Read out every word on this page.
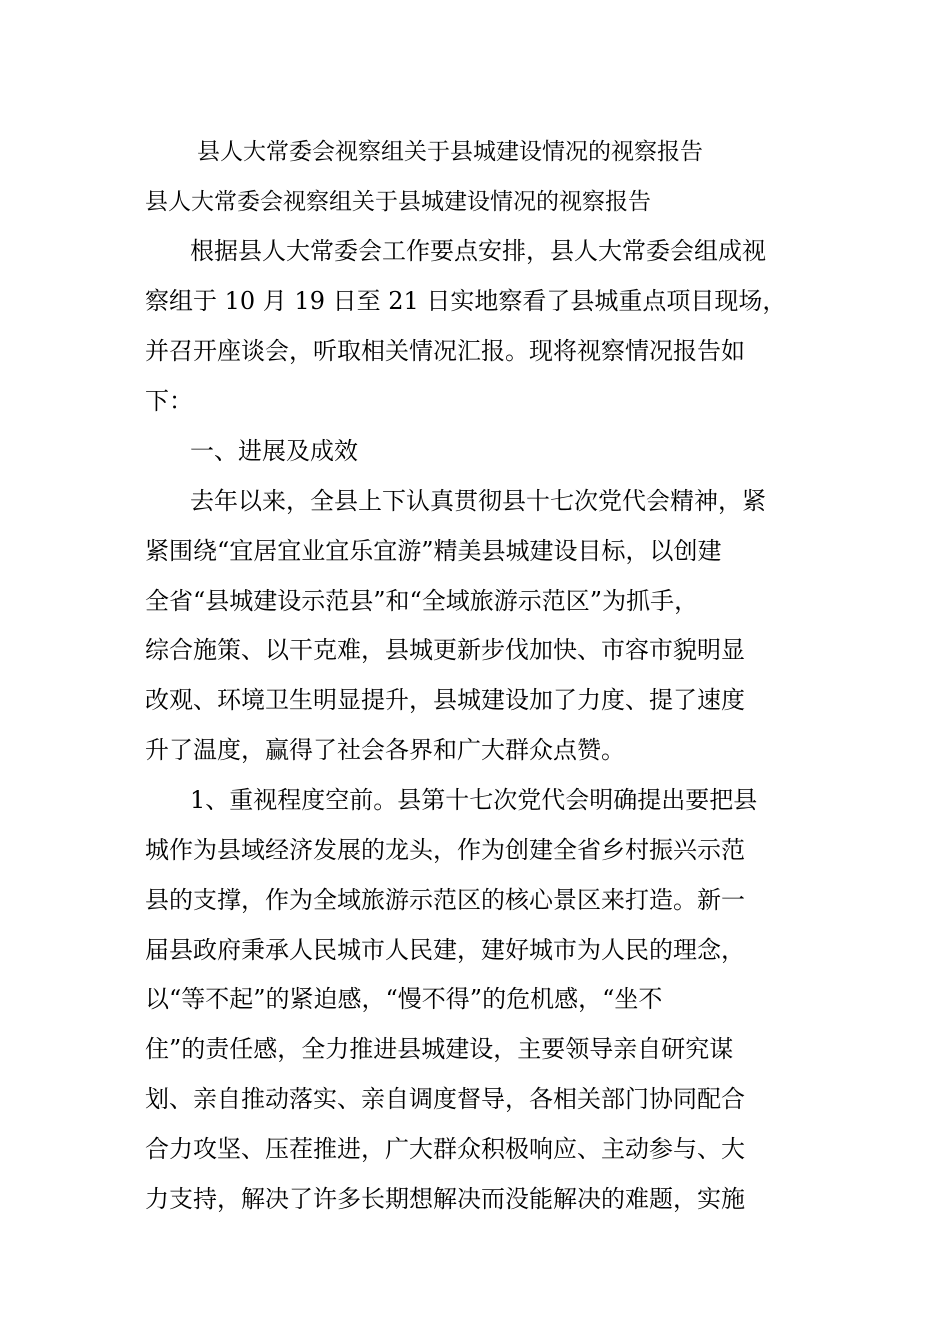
县人大常委会视察组关于县城建设情况的视察报告
县人大常委会视察组关于县城建设情况的视察报告
根据县人大常委会工作要点安排，县人大常委会组成视
察组于 10 月 19 日至 21 日实地察看了县城重点项目现场，
并召开座谈会，听取相关情况汇报。现将视察情况报告如
下：
一、进展及成效
去年以来，全县上下认真贯彻县十七次党代会精神，紧
紧围绕“宜居宜业宜乐宜游”精美县城建设目标，以创建
全省“县城建设示范县”和“全域旅游示范区”为抓手，
综合施策、以干克难，县城更新步伐加快、市容市貌明显
改观、环境卫生明显提升，县城建设加了力度、提了速度
升了温度，赢得了社会各界和广大群众点赞。
1、重视程度空前。县第十七次党代会明确提出要把县
城作为县域经济发展的龙头，作为创建全省乡村振兴示范
县的支撑，作为全域旅游示范区的核心景区来打造。新一
届县政府秉承人民城市人民建，建好城市为人民的理念，
以“等不起”的紧迫感，“慢不得”的危机感，“坐不
住”的责任感，全力推进县城建设，主要领导亲自研究谋
划、亲自推动落实、亲自调度督导，各相关部门协同配合
合力攻坚、压茬推进，广大群众积极响应、主动参与、大
力支持，解决了许多长期想解决而没能解决的难题，实施
